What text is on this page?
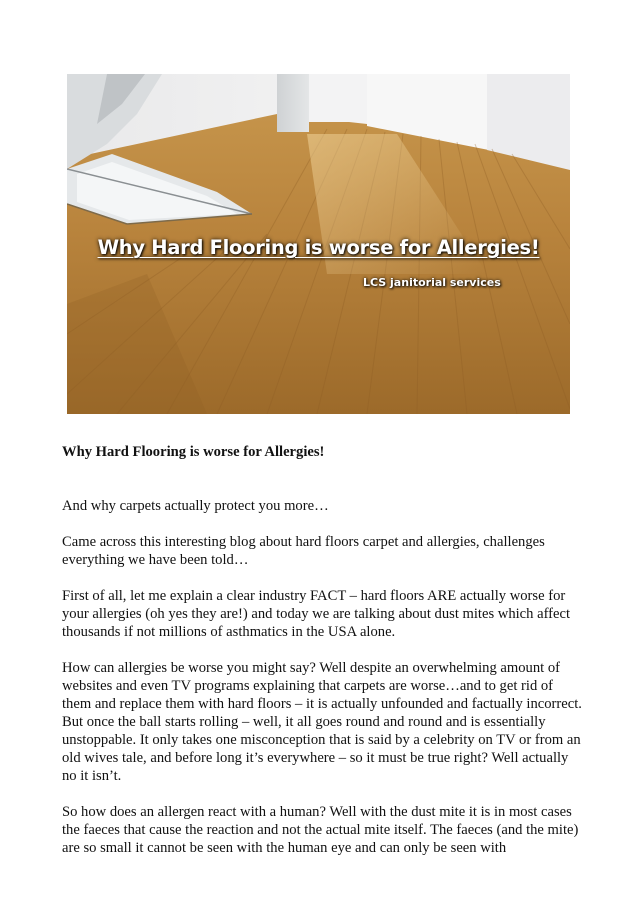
Why Hard Flooring is worse for Allergies!
LCS janitorial services

Why Hard Flooring is worse for Allergies!

And why carpets actually protect you more…

Came across this interesting blog about hard floors carpet and allergies, challenges everything we have been told…

First of all, let me explain a clear industry FACT – hard floors ARE actually worse for your allergies (oh yes they are!) and today we are talking about dust mites which affect thousands if not millions of asthmatics in the USA alone.

How can allergies be worse you might say? Well despite an overwhelming amount of websites and even TV programs explaining that carpets are worse…and to get rid of them and replace them with hard floors – it is actually unfounded and factually incorrect. But once the ball starts rolling – well, it all goes round and round and is essentially unstoppable. It only takes one misconception that is said by a celebrity on TV or from an old wives tale, and before long it’s everywhere – so it must be true right? Well actually no it isn’t.

So how does an allergen react with a human? Well with the dust mite it is in most cases the faeces that cause the reaction and not the actual mite itself. The faeces (and the mite) are so small it cannot be seen with the human eye and can only be seen with
